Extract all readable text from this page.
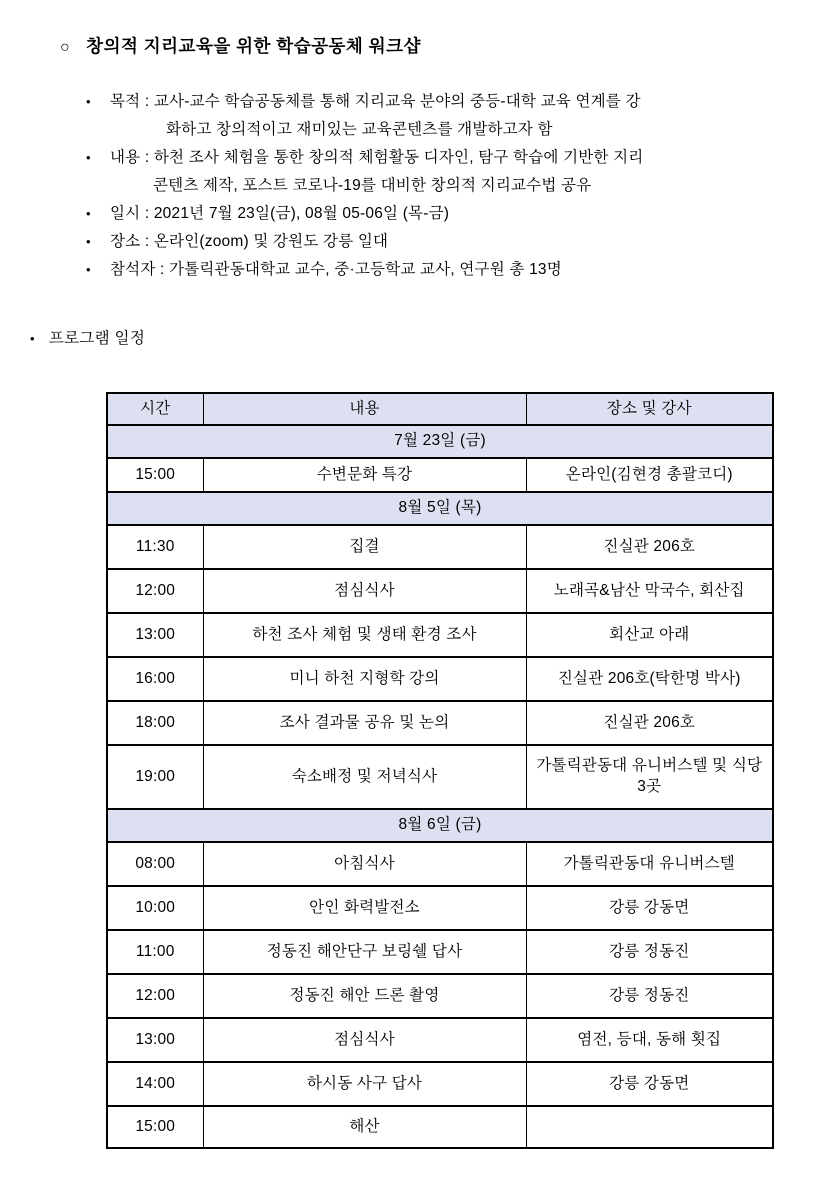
○ 창의적 지리교육을 위한 학습공동체 워크샵
•	목적 : 교사-교수 학습공동체를 통해 지리교육 분야의 중등-대학 교육 연계를 강
화하고 창의적이고 재미있는 교육콘텐츠를 개발하고자 함
•	내용 : 하천 조사 체험을 통한 창의적 체험활동 디자인, 탐구 학습에 기반한 지리
콘텐츠 제작, 포스트 코로나-19를 대비한 창의적 지리교수법 공유
•	일시 : 2021년 7월 23일(금), 08월 05-06일 (목-금)
•	장소 : 온라인(zoom) 및 강원도 강릉 일대
•	참석자 : 가톨릭관동대학교 교수, 중·고등학교 교사, 연구원 총 13명
• 프로그램 일정
시간	내용	장소 및 강사
7월 23일 (금)		
15:00	수변문화 특강	온라인(김현경 총괄코디)
8월 5일 (목)		
11:30	집결	진실관 206호
12:00	점심식사	노래곡&남산 막국수, 회산집
13:00	하천 조사 체험 및 생태 환경 조사	회산교 아래
16:00	미니 하천 지형학 강의	진실관 206호(탁한명 박사)
18:00	조사 결과물 공유 및 논의	진실관 206호
19:00	숙소배정 및 저녁식사	가톨릭관동대 유니버스텔 및 식당 3곳
8월 6일 (금)		
08:00	아침식사	가톨릭관동대 유니버스텔
10:00	안인 화력발전소	강릉 강동면
11:00	정동진 해안단구 보링쉘 답사	강릉 정동진
12:00	정동진 해안 드론 촬영	강릉 정동진
13:00	점심식사	염전, 등대, 동해 횟집
14:00	하시동 사구 답사	강릉 강동면
15:00	해산	
